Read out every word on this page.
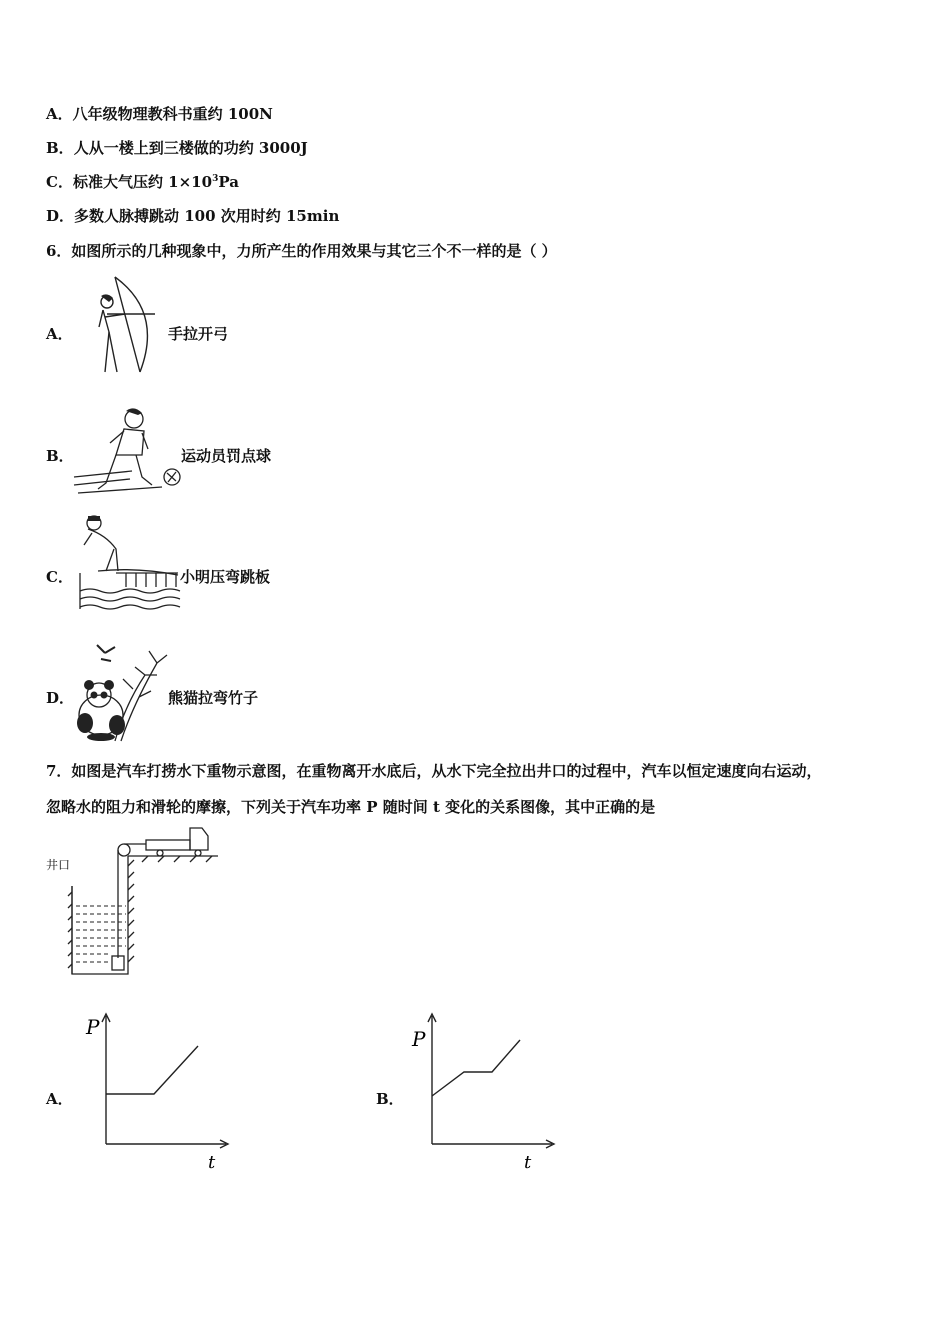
A．八年级物理教科书重约 100N
B．人从一楼上到三楼做的功约 3000J
C．标准大气压约 $1\times 10^3Pa$
D．多数人脉搏跳动 100 次用时约 15min
6．如图所示的几种现象中，力所产生的作用效果与其它三个不一样的是（ ）
A．	手拉开弓
B．	运动员罚点球
C．	小明压弯跳板
D．	熊猫拉弯竹子
7．如图是汽车打捞水下重物示意图，在重物离开水底后，从水下完全拉出井口的过程中，汽车以恒定速度向右运动，
忽略水的阻力和滑轮的摩擦，下列关于汽车功率 P 随时间 t 变化的关系图像，其中正确的是
井口
A．
P
t
B．
P
t
